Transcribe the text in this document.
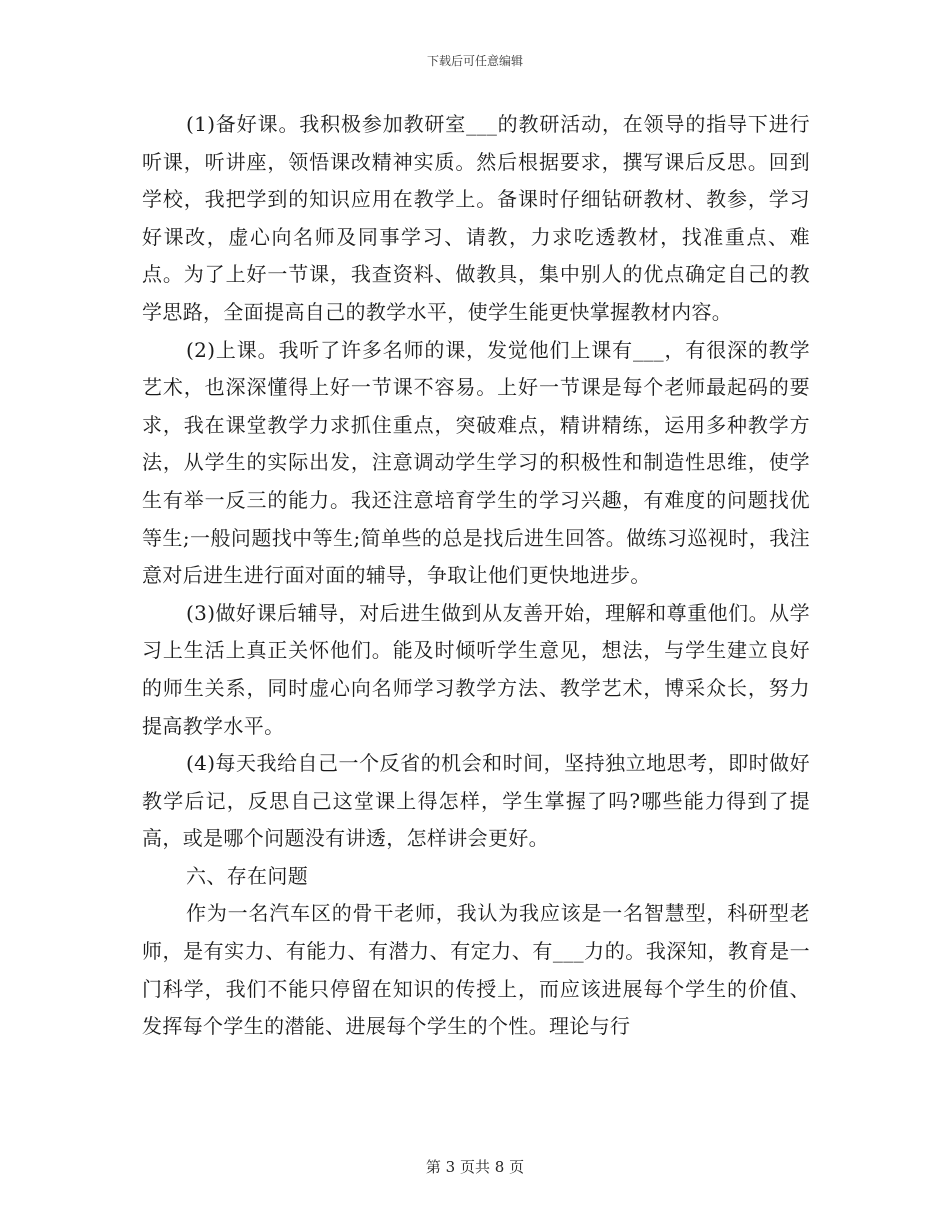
下载后可任意编辑

(1)备好课。我积极参加教研室___的教研活动，在领导的指导下进行听课，听讲座，领悟课改精神实质。然后根据要求，撰写课后反思。回到学校，我把学到的知识应用在教学上。备课时仔细钻研教材、教参，学习好课改，虚心向名师及同事学习、请教，力求吃透教材，找准重点、难点。为了上好一节课，我查资料、做教具，集中别人的优点确定自己的教学思路，全面提高自己的教学水平，使学生能更快掌握教材内容。

(2)上课。我听了许多名师的课，发觉他们上课有___，有很深的教学艺术，也深深懂得上好一节课不容易。上好一节课是每个老师最起码的要求，我在课堂教学力求抓住重点，突破难点，精讲精练，运用多种教学方法，从学生的实际出发，注意调动学生学习的积极性和制造性思维，使学生有举一反三的能力。我还注意培育学生的学习兴趣，有难度的问题找优等生;一般问题找中等生;简单些的总是找后进生回答。做练习巡视时，我注意对后进生进行面对面的辅导，争取让他们更快地进步。

(3)做好课后辅导，对后进生做到从友善开始，理解和尊重他们。从学习上生活上真正关怀他们。能及时倾听学生意见，想法，与学生建立良好的师生关系，同时虚心向名师学习教学方法、教学艺术，博采众长，努力提高教学水平。

(4)每天我给自己一个反省的机会和时间，坚持独立地思考，即时做好教学后记，反思自己这堂课上得怎样，学生掌握了吗?哪些能力得到了提高，或是哪个问题没有讲透，怎样讲会更好。

六、存在问题

作为一名汽车区的骨干老师，我认为我应该是一名智慧型，科研型老师，是有实力、有能力、有潜力、有定力、有___力的。我深知，教育是一门科学，我们不能只停留在知识的传授上，而应该进展每个学生的价值、发挥每个学生的潜能、进展每个学生的个性。理论与行

第 3 页共 8 页
